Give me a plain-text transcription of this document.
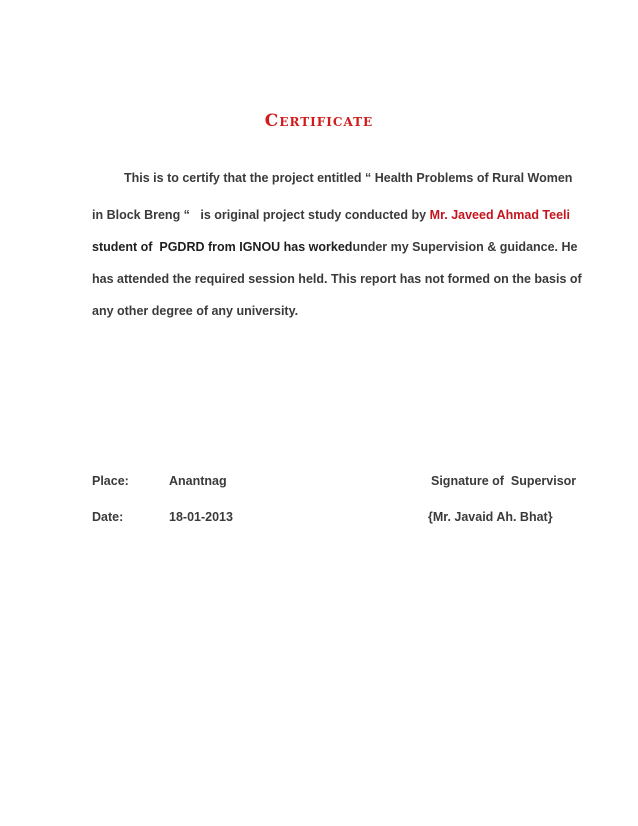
Certificate
This is to certify that the project entitled “ Health Problems of Rural Women
in Block Breng “   is original project study conducted by Mr. Javeed Ahmad Teeli
student of  PGDRD from IGNOU has worked under my Supervision & guidance. He
has attended the required session held. This report has not formed on the basis of
any other degree of any university.
Place:	Anantnag	Signature of  Supervisor
Date:	18-01-2013	{Mr. Javaid Ah. Bhat}
